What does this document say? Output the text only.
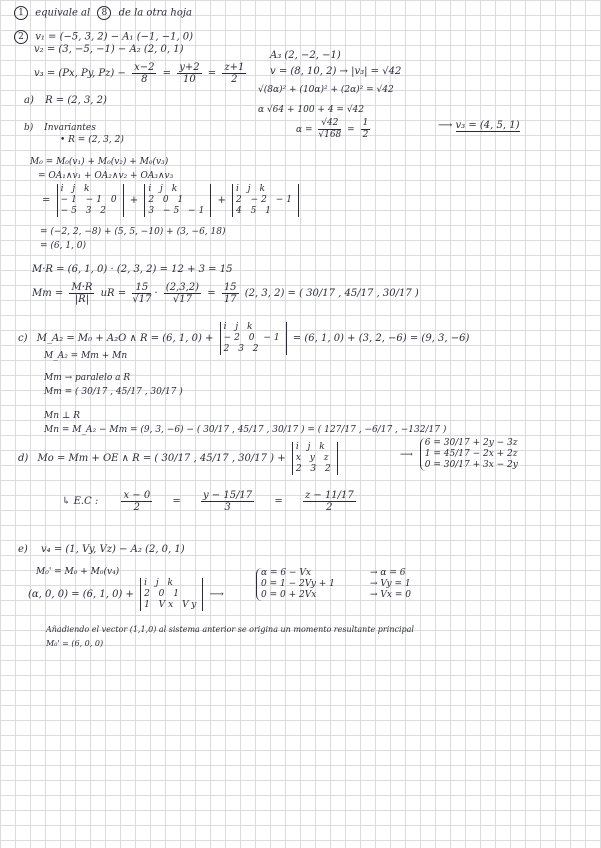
1 equivale al 8 de la otra hoja
2 v₁ = (−5, 3, 2) − A₁ (−1, −1, 0)
v₂ = (3, −5, −1) − A₂ (2, 0, 1)
v₃ = (Px, Py, $Pz) - \frac{x-2}{8} = \frac{y+2}{10} = \frac{z+1}{2}$
A₃ (2, −2, −1)
v = (8, 10, 2) → |v₃| = √42
√(8α)² + (10α)² + (2α)² = √42
α √64 + 100 + 4 = √42
$\alpha = \frac{√42}{√168} = \frac{1}{2}$	⟶ v₃ = (4, 5, 1)
a) R = (2, 3, 2)
b) Invariantes
• R = (2, 3, 2)
M₀ = M₀(v₁) + M₀(v₂) + M₀(v₃)
= OA₁∧v₁ + OA₂∧v₂ + OA₃∧v₃
=
i j k
−1 −1 0
−5 3 2
+
i j k
2 0 1
3 −5 −1
+
i j k
2 −2 −1
4 5 1
= (−2, 2, −8) + (5, 5, −10) + (3, −6, 18)
= (6, 1, 0)
M·R = (6, 1, 0) · (2, 3, 2) = 12 + 3 = 15
$Mm = \frac{M\cdot R}{|R|}$ uR = $\frac{15}{√17} \cdot \frac{(2,3,2)}{√17} = \frac{15}{17} (2$, 3, 2) = ( 30/17 , 45/17 , 30/17 )
c) M_A₂ = M₀ + A₂O ∧ R = (6, 1, 0) +
i j k
−2 0 −1
2 3 2
= (6, 1, 0) + (3, 2, −6) = (9, 3, −6)
M_A₂ = Mm + Mn
Mm → paralelo a R
Mm = ( 30/17 , 45/17 , 30/17 )
Mn ⊥ R
Mn = M_A₂ − Mm = (9, 3, −6) − ( 30/17 , 45/17 , 30/17 ) = ( 127/17 , −6/17 , −132/17 )
d) Mo = Mm + OE ∧ R = ( 30/17 , 45/17 , 30/17 ) +
i j k
x y z
2 3 2
⟶
6 = 30/17 + 2y − 3z
1 = 45/17 − 2x + 2z
0 = 30/17 + 3x − 2y
↳ E.C : $\frac{x - 0}{2} = \frac{y - 15/17}{3} = \frac{z - 11/17}{2}$
e) v₄ = (1, Vy, Vz) − A₂ (2, 0, 1)
M₀' = M₀ + M₀(v₄)
(α, 0, 0) = (6, 1, 0) +
i j k
2 0 1
1 Vx Vy
⟶
α = 6 − Vx
0 = 1 − 2Vy + 1
0 = 0 + 2Vx
→ α = 6
→ Vy = 1
→ Vx = 0
Añadiendo el vector (1,1,0) al sistema anterior se origina un momento resultante principal
M₀' = (6, 0, 0)
